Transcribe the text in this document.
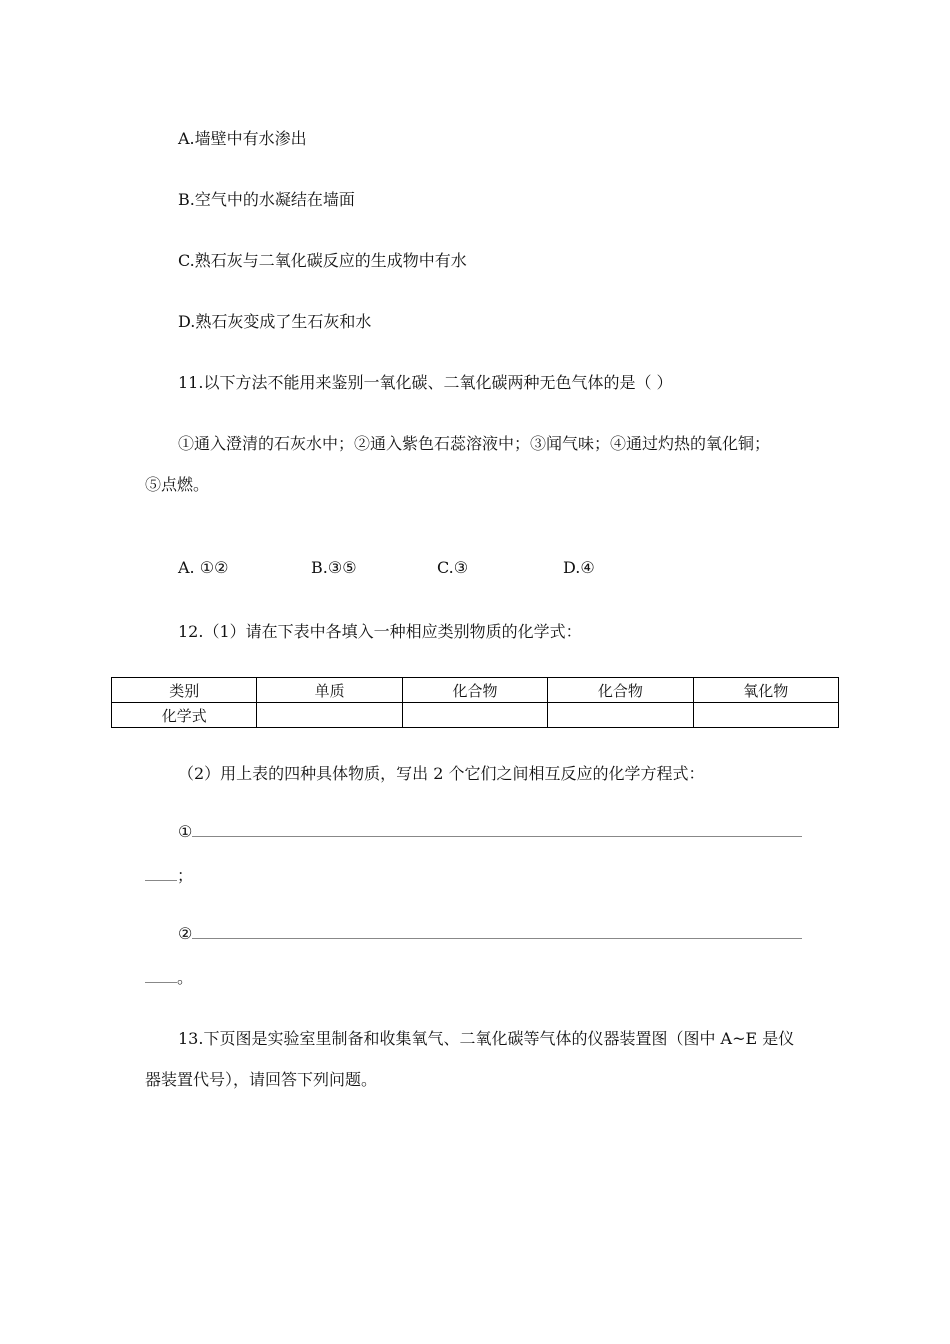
A.墙壁中有水渗出
B.空气中的水凝结在墙面
C.熟石灰与二氧化碳反应的生成物中有水
D.熟石灰变成了生石灰和水
11.以下方法不能用来鉴别一氧化碳、二氧化碳两种无色气体的是（ ）
①通入澄清的石灰水中；②通入紫色石蕊溶液中；③闻气味；④通过灼热的氧化铜；
⑤点燃。
A. ①②	B.③⑤	C.③	D.④
12.（1）请在下表中各填入一种相应类别物质的化学式：
类别	单质	化合物	化合物	氧化物
化学式				
（2）用上表的四种具体物质，写出 2 个它们之间相互反应的化学方程式：
①
；
②
。
13.下页图是实验室里制备和收集氧气、二氧化碳等气体的仪器装置图（图中 A~E 是仪
器装置代号），请回答下列问题。
